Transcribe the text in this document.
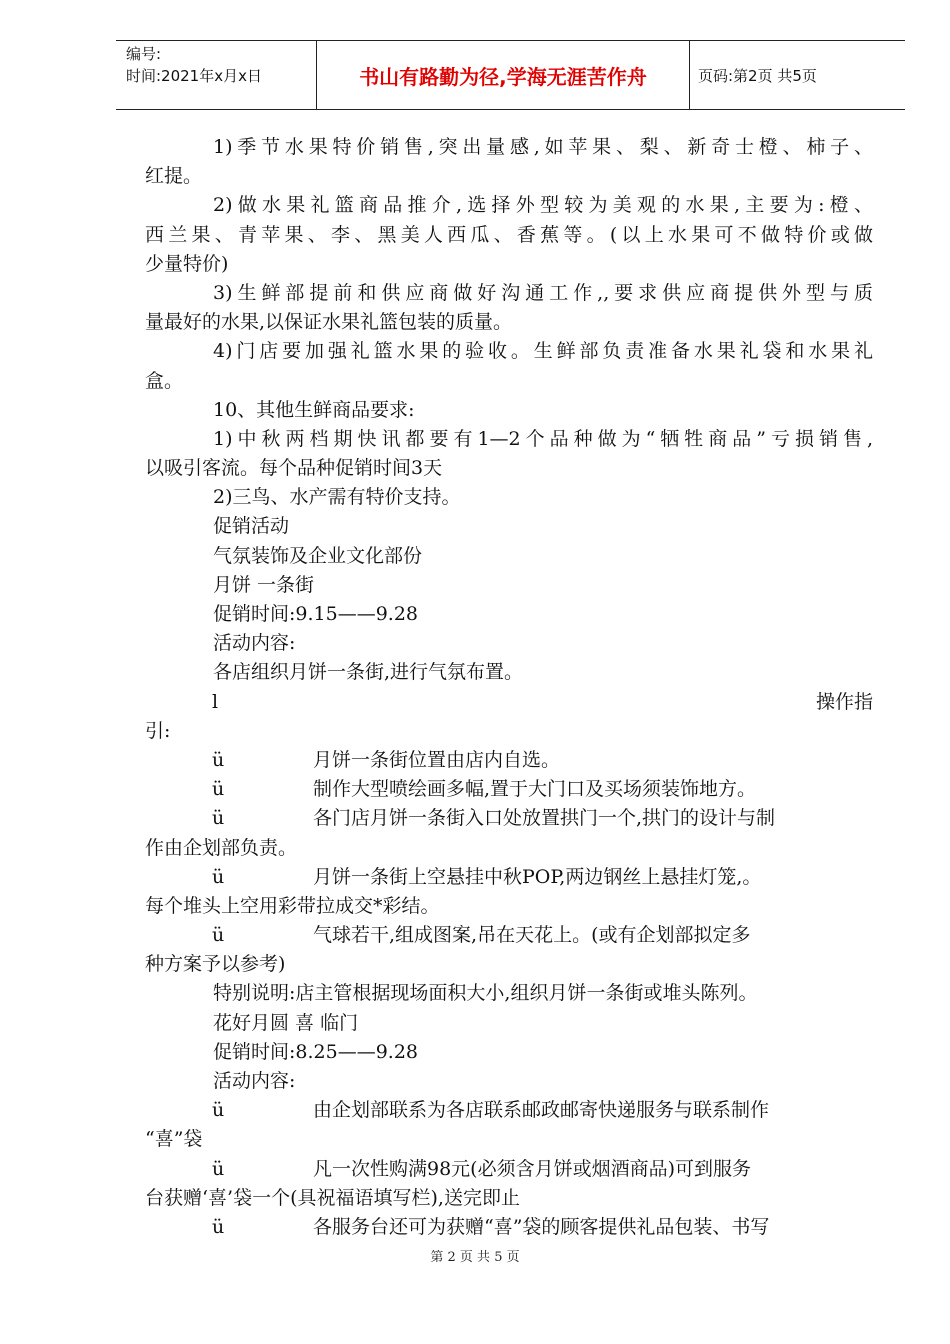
编号:
时间:2021年x月x日	书山有路勤为径,学海无涯苦作舟	页码:第2页 共5页
1)季节水果特价销售,突出量感,如苹果、梨、新奇士橙、柿子、
红提。
2)做水果礼篮商品推介,选择外型较为美观的水果,主要为:橙、
西兰果、青苹果、李、黑美人西瓜、香蕉等。(以上水果可不做特价或做
少量特价)
3)生鲜部提前和供应商做好沟通工作,,要求供应商提供外型与质
量最好的水果,以保证水果礼篮包装的质量。
4)门店要加强礼篮水果的验收。生鲜部负责准备水果礼袋和水果礼
盒。
10、其他生鲜商品要求:
1)中秋两档期快讯都要有1—2个品种做为“牺牲商品”亏损销售,
以吸引客流。每个品种促销时间3天
2)三鸟、水产需有特价支持。
促销活动
气氛装饰及企业文化部份
月饼 一条街
促销时间:9.15——9.28
活动内容:
各店组织月饼一条街,进行气氛布置。
l	操作指
引:
ü	月饼一条街位置由店内自选。
ü	制作大型喷绘画多幅,置于大门口及买场须装饰地方。
ü	各门店月饼一条街入口处放置拱门一个,拱门的设计与制
作由企划部负责。
ü	月饼一条街上空悬挂中秋POP,两边钢丝上悬挂灯笼,。
每个堆头上空用彩带拉成交*彩结。
ü	气球若干,组成图案,吊在天花上。(或有企划部拟定多
种方案予以参考)
特别说明:店主管根据现场面积大小,组织月饼一条街或堆头陈列。
花好月圆 喜 临门
促销时间:8.25——9.28
活动内容:
ü	由企划部联系为各店联系邮政邮寄快递服务与联系制作
“喜”袋
ü	凡一次性购满98元(必须含月饼或烟酒商品)可到服务
台获赠‘喜’袋一个(具祝福语填写栏),送完即止
ü	各服务台还可为获赠“喜”袋的顾客提供礼品包装、书写
第 2 页 共 5 页
